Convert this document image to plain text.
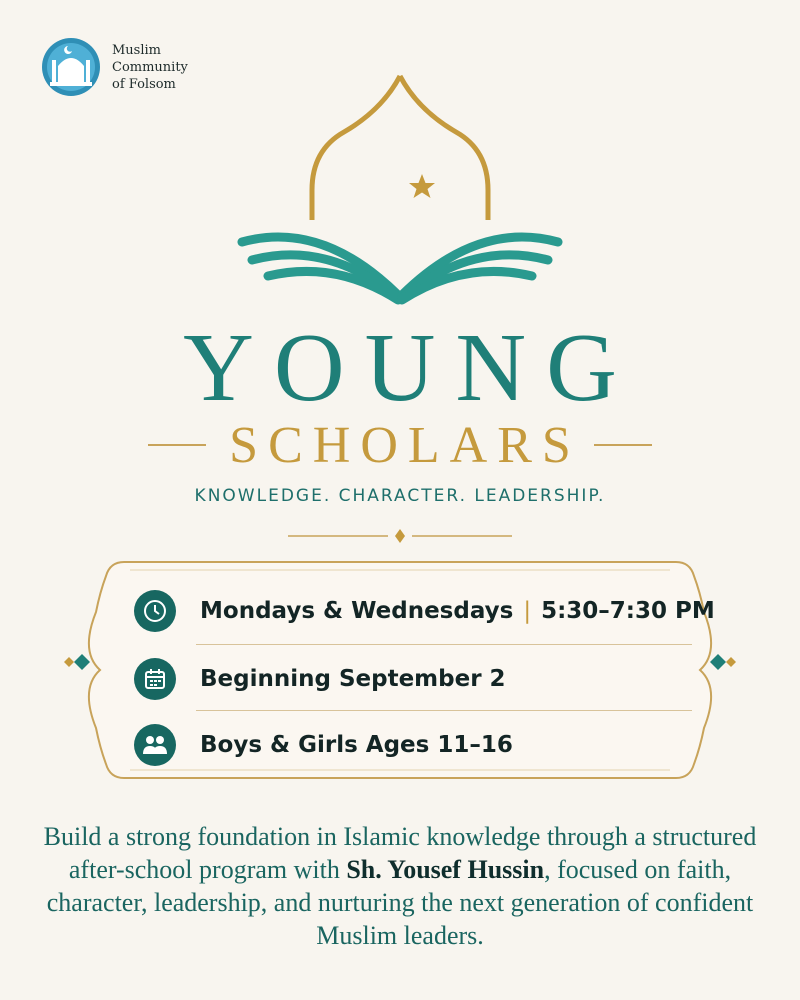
Muslim
Community
of Folsom
YOUNG
SCHOLARS
KNOWLEDGE. CHARACTER. LEADERSHIP.
Mondays & Wednesdays | 5:30–7:30 PM
Beginning September 2
Boys & Girls Ages 11–16
Build a strong foundation in Islamic knowledge through a structured after-school program with Sh. Yousef Hussin, focused on faith, character, leadership, and nurturing the next generation of confident Muslim leaders.
